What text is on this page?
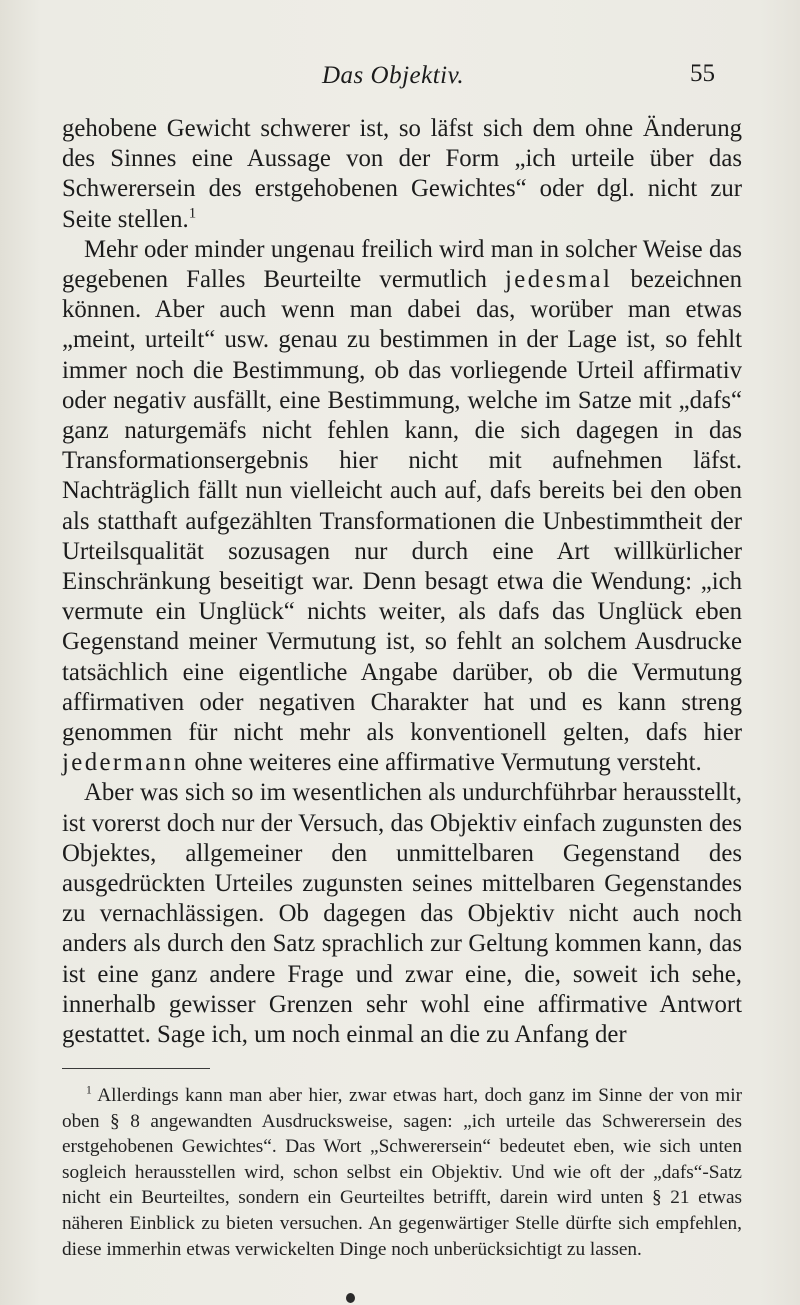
Das Objektiv.	55

gehobene Gewicht schwerer ist, so läfst sich dem ohne Änderung des Sinnes eine Aussage von der Form „ich urteile über das Schwerersein des erstgehobenen Gewichtes“ oder dgl. nicht zur Seite stellen.$^1$

Mehr oder minder ungenau freilich wird man in solcher Weise das gegebenen Falles Beurteilte vermutlich jedesmal bezeichnen können. Aber auch wenn man dabei das, worüber man etwas „meint, urteilt“ usw. genau zu bestimmen in der Lage ist, so fehlt immer noch die Bestimmung, ob das vorliegende Urteil affirmativ oder negativ ausfällt, eine Bestimmung, welche im Satze mit „dafs“ ganz naturgemäfs nicht fehlen kann, die sich dagegen in das Transformationsergebnis hier nicht mit aufnehmen läfst. Nachträglich fällt nun vielleicht auch auf, dafs bereits bei den oben als statthaft aufgezählten Transformationen die Unbestimmtheit der Urteilsqualität sozusagen nur durch eine Art willkürlicher Einschränkung beseitigt war. Denn besagt etwa die Wendung: „ich vermute ein Unglück“ nichts weiter, als dafs das Unglück eben Gegenstand meiner Vermutung ist, so fehlt an solchem Ausdrucke tatsächlich eine eigentliche Angabe darüber, ob die Vermutung affirmativen oder negativen Charakter hat und es kann streng genommen für nicht mehr als konventionell gelten, dafs hier jedermann ohne weiteres eine affirmative Vermutung versteht.

Aber was sich so im wesentlichen als undurchführbar herausstellt, ist vorerst doch nur der Versuch, das Objektiv einfach zugunsten des Objektes, allgemeiner den unmittelbaren Gegenstand des ausgedrückten Urteiles zugunsten seines mittelbaren Gegenstandes zu vernachlässigen. Ob dagegen das Objektiv nicht auch noch anders als durch den Satz sprachlich zur Geltung kommen kann, das ist eine ganz andere Frage und zwar eine, die, soweit ich sehe, innerhalb gewisser Grenzen sehr wohl eine affirmative Antwort gestattet. Sage ich, um noch einmal an die zu Anfang der

$^1$ Allerdings kann man aber hier, zwar etwas hart, doch ganz im Sinne der von mir oben § 8 angewandten Ausdrucksweise, sagen: „ich urteile das Schwerersein des erstgehobenen Gewichtes“. Das Wort „Schwerersein“ bedeutet eben, wie sich unten sogleich herausstellen wird, schon selbst ein Objektiv. Und wie oft der „dafs“-Satz nicht ein Beurteiltes, sondern ein Geurteiltes betrifft, darein wird unten § 21 etwas näheren Einblick zu bieten versuchen. An gegenwärtiger Stelle dürfte sich empfehlen, diese immerhin etwas verwickelten Dinge noch unberücksichtigt zu lassen.
